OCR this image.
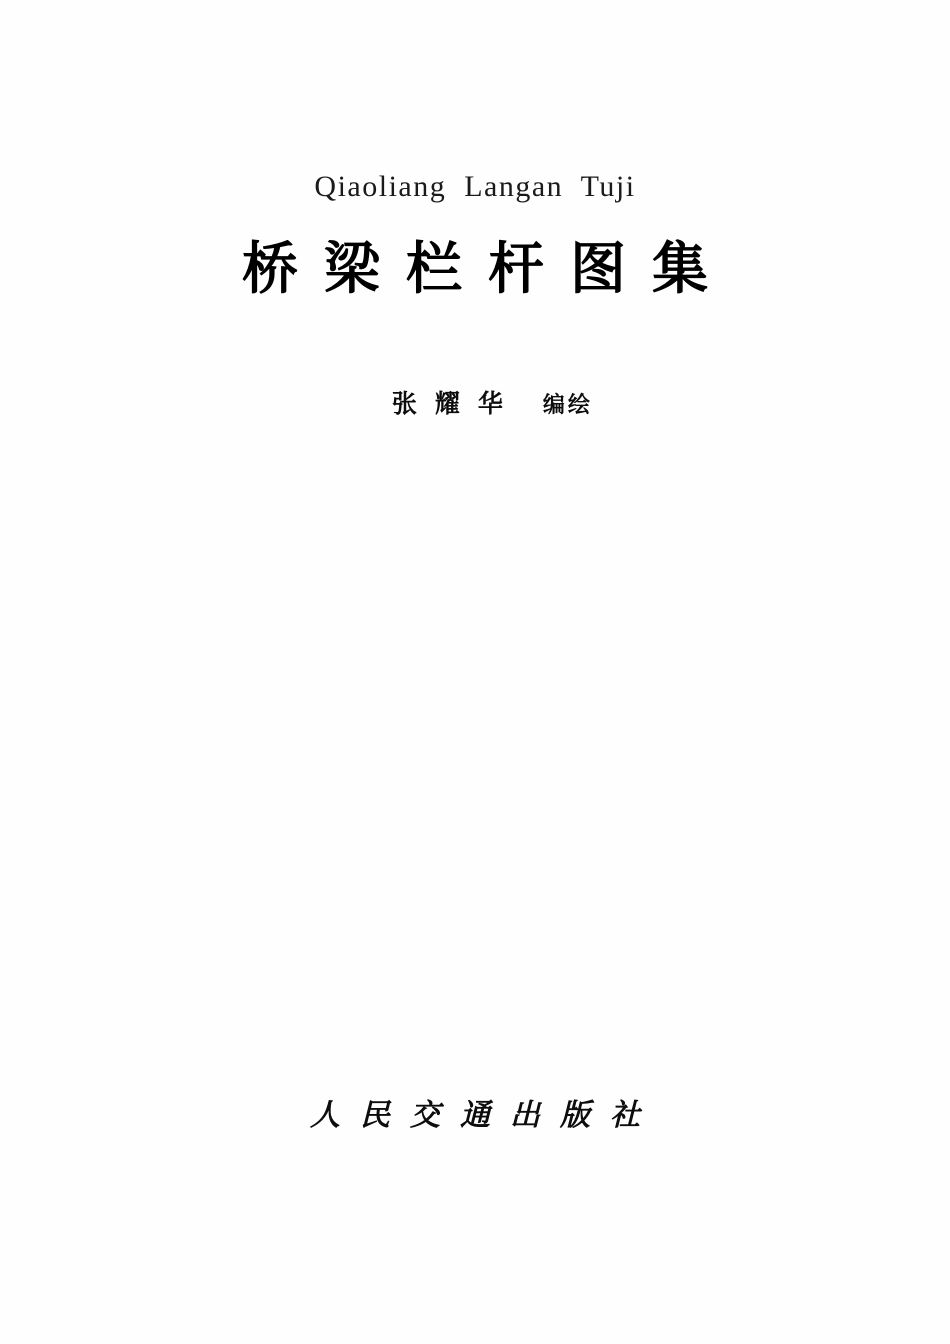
Qiaoliang  Langan  Tuji
桥梁栏杆图集

张耀华 编绘

人民交通出版社
